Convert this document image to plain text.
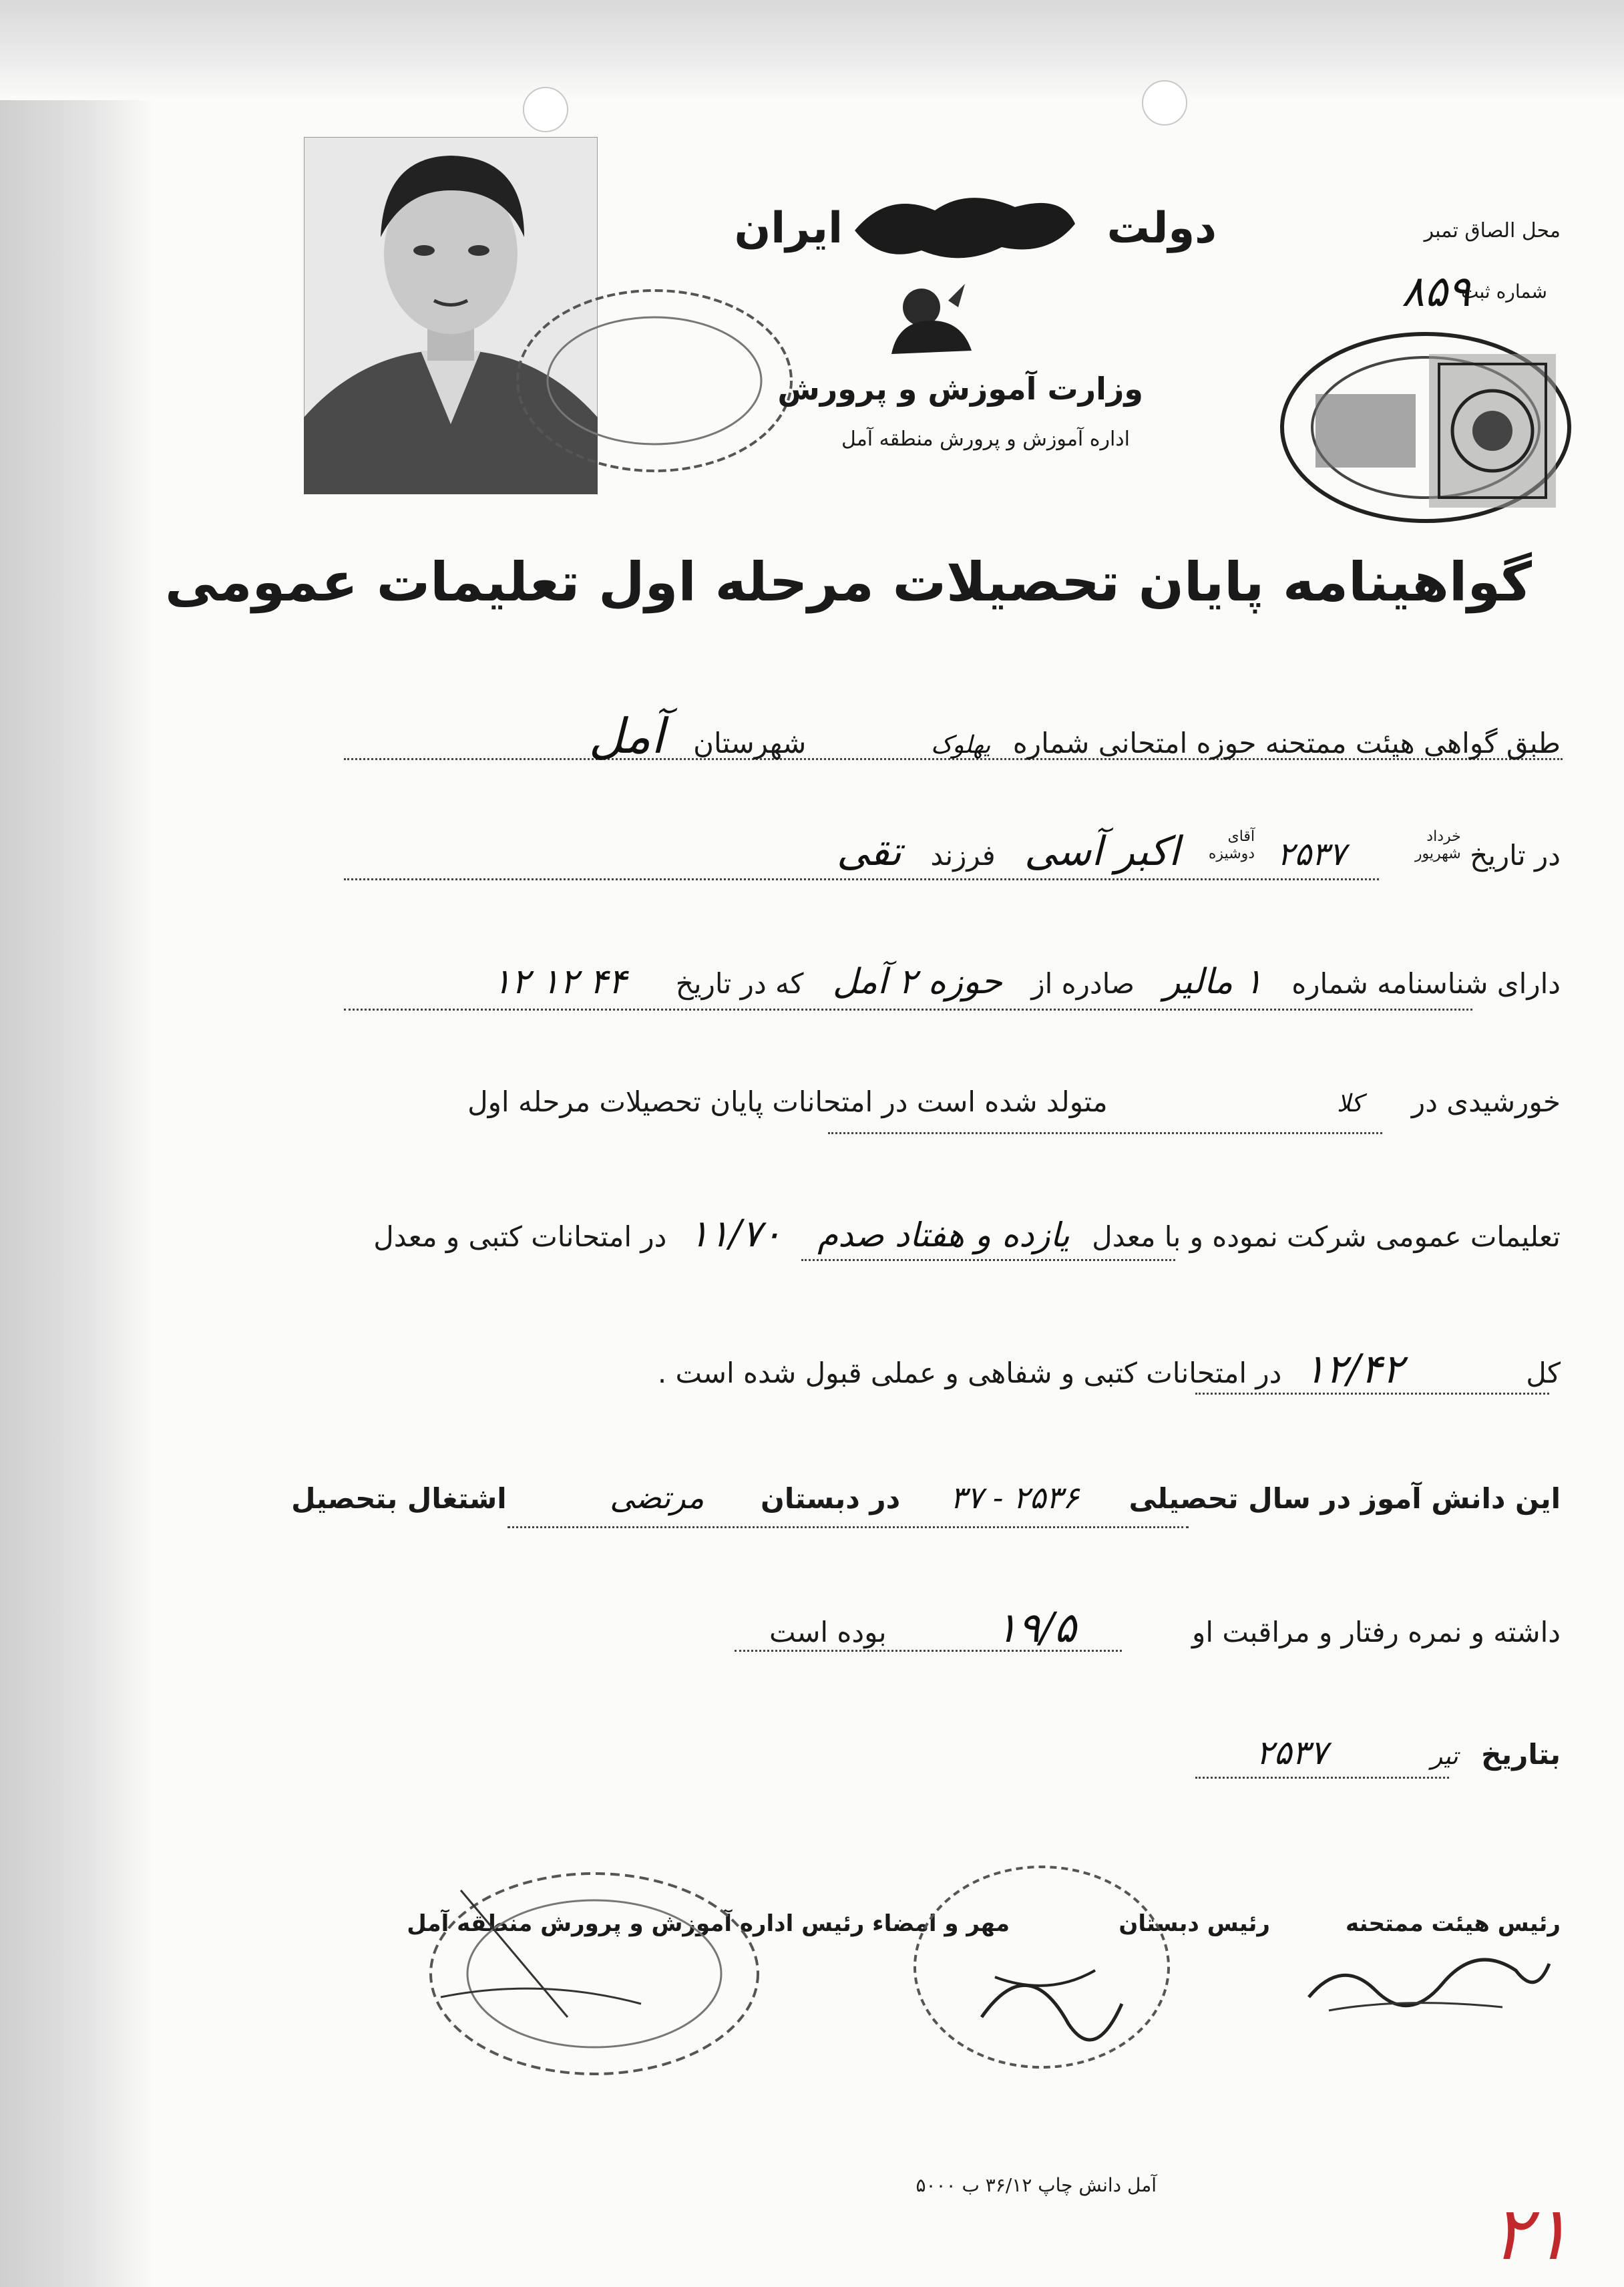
دولت
ایران
وزارت آموزش و پرورش
اداره آموزش و پرورش منطقه آمل
محل الصاق تمبر
شماره ثبت
۸۵۹
گواهینامه پایان تحصیلات مرحله اول تعلیمات عمومی
طبق گواهی هیئت ممتحنه حوزه امتحانی شماره یهلوک  شهرستان آمل
در تاریخ
خرداد
شهریور
۲۵۳۷
آقای
دوشیزه
اکبر آسی فرزند تقی
دارای شناسنامه شماره ۱ مالیر صادره از حوزه ۲ آمل که در تاریخ ۴۴ ۱۲ ۱۲
خورشیدی در کلا متولد شده است در امتحانات پایان تحصیلات مرحله اول
تعلیمات عمومی شرکت نموده و با معدل یازده و هفتاد صدم ۱۱/۷۰ در امتحانات کتبی و معدل
کل ۱۲/۴۲ در امتحانات کتبی و شفاهی و عملی قبول شده است .
این دانش آموز در سال تحصیلی ۲۵۳۶ - ۳۷ در دبستان مرتضی اشتغال بتحصیل
داشته و نمره رفتار و مراقبت او ۱۹/۵ بوده است
بتاریخ تیر ۲۵۳۷
رئیس هیئت ممتحنه
رئیس دبستان
مهر و امضاء رئیس اداره آموزش و پرورش منطقه آمل
آمل دانش چاپ ۳۶/۱۲ ب ۵۰۰۰
۲۱
